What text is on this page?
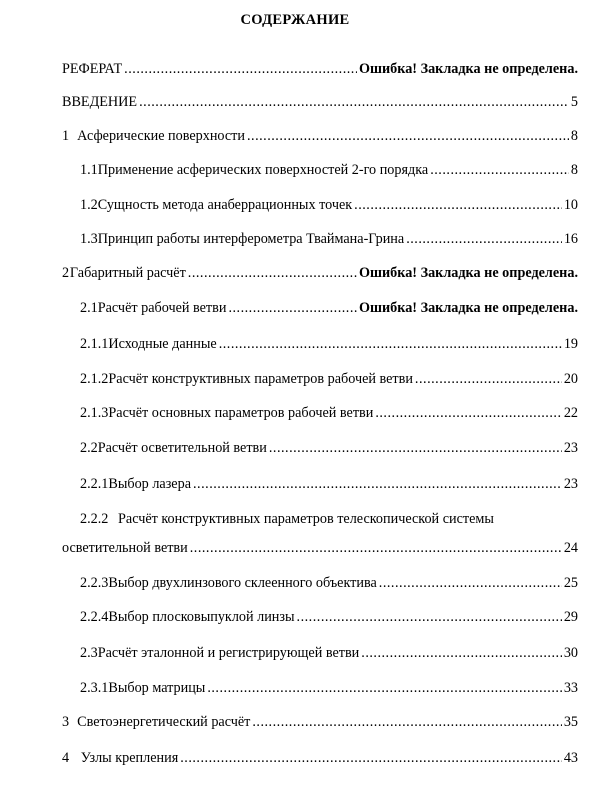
СОДЕРЖАНИЕ
РЕФЕРАТ .....	Ошибка! Закладка не определена.
ВВЕДЕНИЕ .....	5
1 Асферические поверхности .....	8
1.1 Применение асферических поверхностей 2-го порядка .....	8
1.2 Сущность метода анаберрационных точек .....	10
1.3 Принцип работы интерферометра Тваймана-Грина .....	16
2 Габаритный расчёт .....	Ошибка! Закладка не определена.
2.1 Расчёт рабочей ветви .....	Ошибка! Закладка не определена.
2.1.1 Исходные данные .....	19
2.1.2 Расчёт конструктивных параметров рабочей ветви .....	20
2.1.3 Расчёт основных параметров рабочей ветви .....	22
2.2 Расчёт осветительной ветви .....	23
2.2.1 Выбор лазера .....	23
2.2.2 Расчёт конструктивных параметров телескопической системы
осветительной ветви .....	24
2.2.3 Выбор двухлинзового склеенного объектива .....	25
2.2.4 Выбор плосковыпуклой линзы .....	29
2.3 Расчёт эталонной и регистрирующей ветви .....	30
2.3.1 Выбор матрицы .....	33
3 Светоэнергетический расчёт .....	35
4 Узлы крепления .....	43
